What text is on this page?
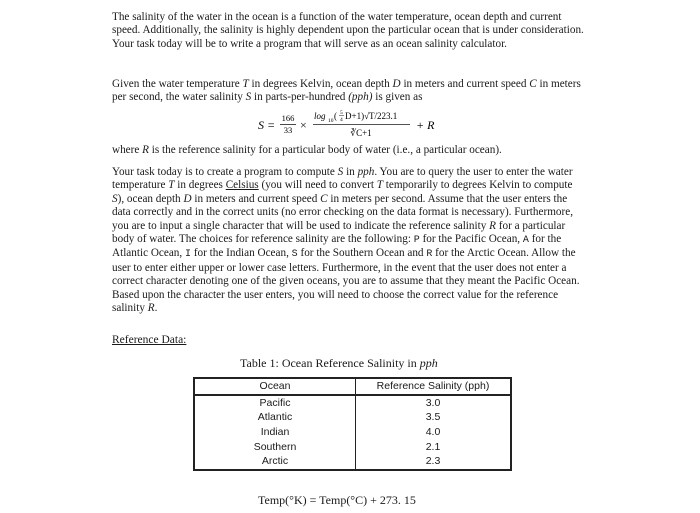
The salinity of the water in the ocean is a function of the water temperature, ocean depth and current speed. Additionally, the salinity is highly dependent upon the particular ocean that is under consideration. Your task today will be to write a program that will serve as an ocean salinity calculator.

Given the water temperature T in degrees Kelvin, ocean depth D in meters and current speed C in meters per second, the water salinity S in parts-per-hundred (pph) is given as

S = 166
33 ×
log 10 ( 5
4 D+1)√T/223.1
∛C+1
+ R

where R is the reference salinity for a particular body of water (i.e., a particular ocean).

Your task today is to create a program to compute S in pph. You are to query the user to enter the water temperature T in degrees Celsius (you will need to convert T temporarily to degrees Kelvin to compute S), ocean depth D in meters and current speed C in meters per second. Assume that the user enters the data correctly and in the correct units (no error checking on the data format is necessary). Furthermore, you are to input a single character that will be used to indicate the reference salinity R for a particular body of water. The choices for reference salinity are the following: P for the Pacific Ocean, A for the Atlantic Ocean, I for the Indian Ocean, S for the Southern Ocean and R for the Arctic Ocean. Allow the user to enter either upper or lower case letters. Furthermore, in the event that the user does not enter a correct character denoting one of the given oceans, you are to assume that they meant the Pacific Ocean. Based upon the character the user enters, you will need to choose the correct value for the reference salinity R.

Reference Data:
Table 1: Ocean Reference Salinity in pph
Ocean	Reference Salinity (pph)
Pacific	3.0
Atlantic	3.5
Indian	4.0
Southern	2.1
Arctic	2.3
Temp(°K) = Temp(°C) + 273. 15
